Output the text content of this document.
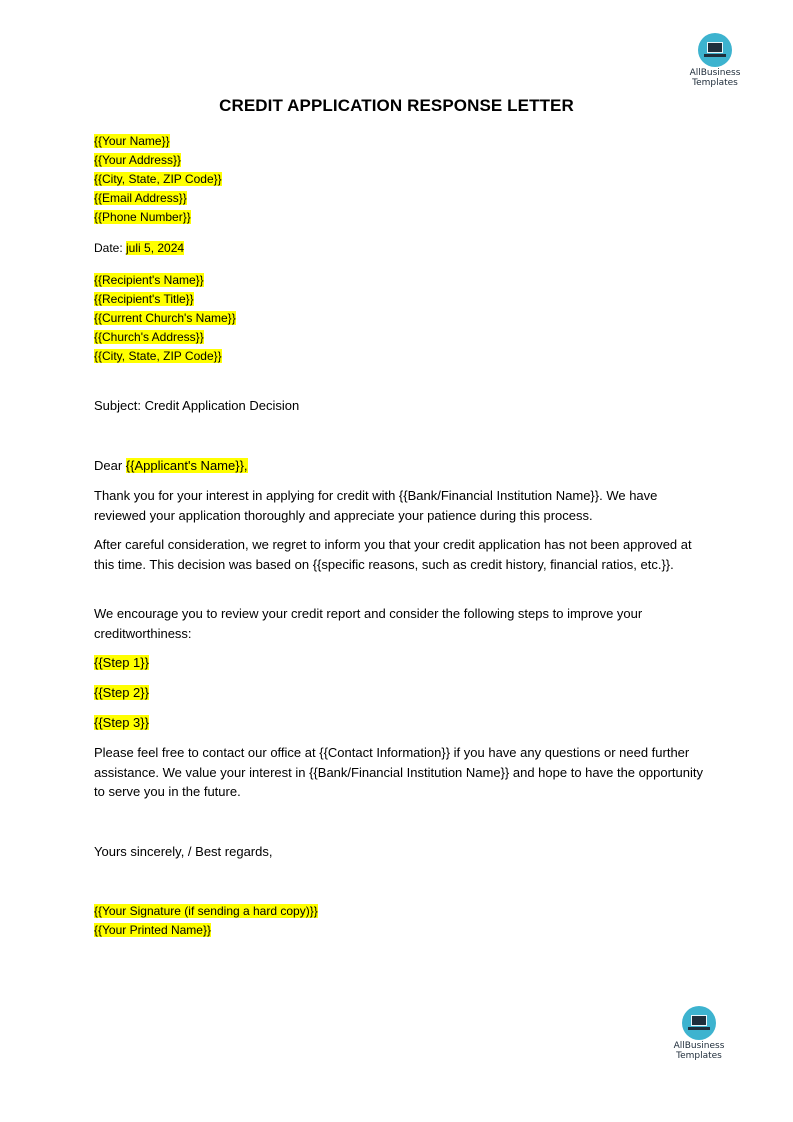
AllBusiness
Templates
CREDIT APPLICATION RESPONSE LETTER
{{Your Name}}
{{Your Address}}
{{City, State, ZIP Code}}
{{Email Address}}
{{Phone Number}}
Date: juli 5, 2024
{{Recipient's Name}}
{{Recipient's Title}}
{{Current Church's Name}}
{{Church's Address}}
{{City, State, ZIP Code}}
Subject: Credit Application Decision
Dear {{Applicant's Name}},
Thank you for your interest in applying for credit with {{Bank/Financial Institution Name}}. We have reviewed your application thoroughly and appreciate your patience during this process.
After careful consideration, we regret to inform you that your credit application has not been approved at this time. This decision was based on {{specific reasons, such as credit history, financial ratios, etc.}}.
We encourage you to review your credit report and consider the following steps to improve your creditworthiness:
{{Step 1}}
{{Step 2}}
{{Step 3}}
Please feel free to contact our office at {{Contact Information}} if you have any questions or need further assistance. We value your interest in {{Bank/Financial Institution Name}} and hope to have the opportunity to serve you in the future.
Yours sincerely, / Best regards,
{{Your Signature (if sending a hard copy)}}
{{Your Printed Name}}
AllBusiness
Templates
